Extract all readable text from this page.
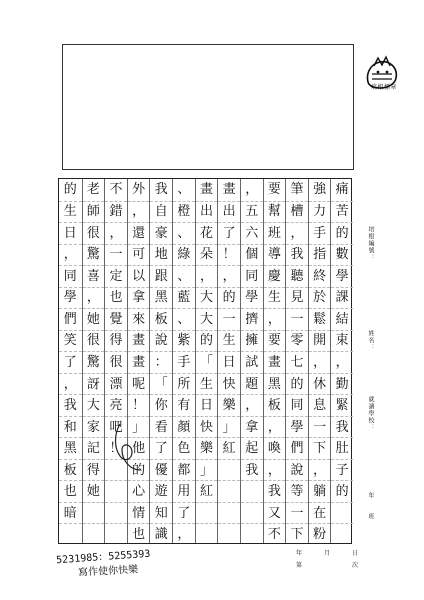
培根標章
痛
苦
的
數
學
課
結
束
，
勤
緊
我
肚
子
的
強
力
手
指
終
於
鬆
開
，
休
息
一
下
，
躺
在
粉
筆
槽
，
我
聽
見
一
零
七
的
同
學
們
說
等
一
下
要
幫
班
導
慶
生
，
要
畫
黑
板
，
喚
，
我
又
不
，
五
六
個
同
學
擠
擁
試
題
，
拿
起
我
畫
出
了
！
，
的
一
生
日
快
樂
」
紅
畫
出
花
朵
，
大
大
的
「
生
日
快
樂
」
紅
、
橙
、
綠
、
藍
、
紫
手
所
有
顏
色
都
用
了
，
我
自
豪
地
跟
黑
板
說
：
「
你
看
了
優
遊
知
識
外
，
還
可
以
拿
來
畫
畫
呢
！
」
他
的
心
情
也
不
錯
，
一
定
也
覺
得
很
漂
亮
吧
！
老
師
很
驚
喜
，
她
很
驚
訝
大
家
記
得
她
的
生
日
，
同
學
們
笑
了
，
我
和
黑
板
也
暗
培根編號：
姓名：
就讀學校：
年　　班
5231985：5255393
寫作使你快樂
年	月	日
第	次
